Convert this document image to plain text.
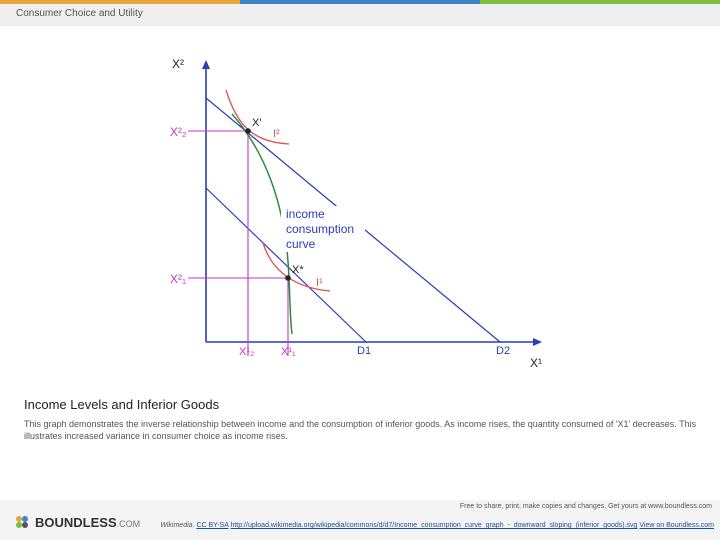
Consumer Choice and Utility
X²
X¹
X²₂
X²₁
X¹₂ X¹₁	D1	D2
X'
X*
I²
I¹
income
consumption
curve
Income Levels and Inferior Goods
This graph demonstrates the inverse relationship between income and the consumption of inferior goods. As income rises, the quantity consumed of 'X1' decreases. This illustrates increased variance in consumer choice as income rises.
BOUNDLESS.COM
Free to share, print, make copies and changes. Get yours at www.boundless.com
Wikimedia. CC BY-SA http://upload.wikimedia.org/wikipedia/commons/d/d7/Income_consumption_curve_graph_-_downward_sloping_(inferior_goods).svg View on Boundless.com
